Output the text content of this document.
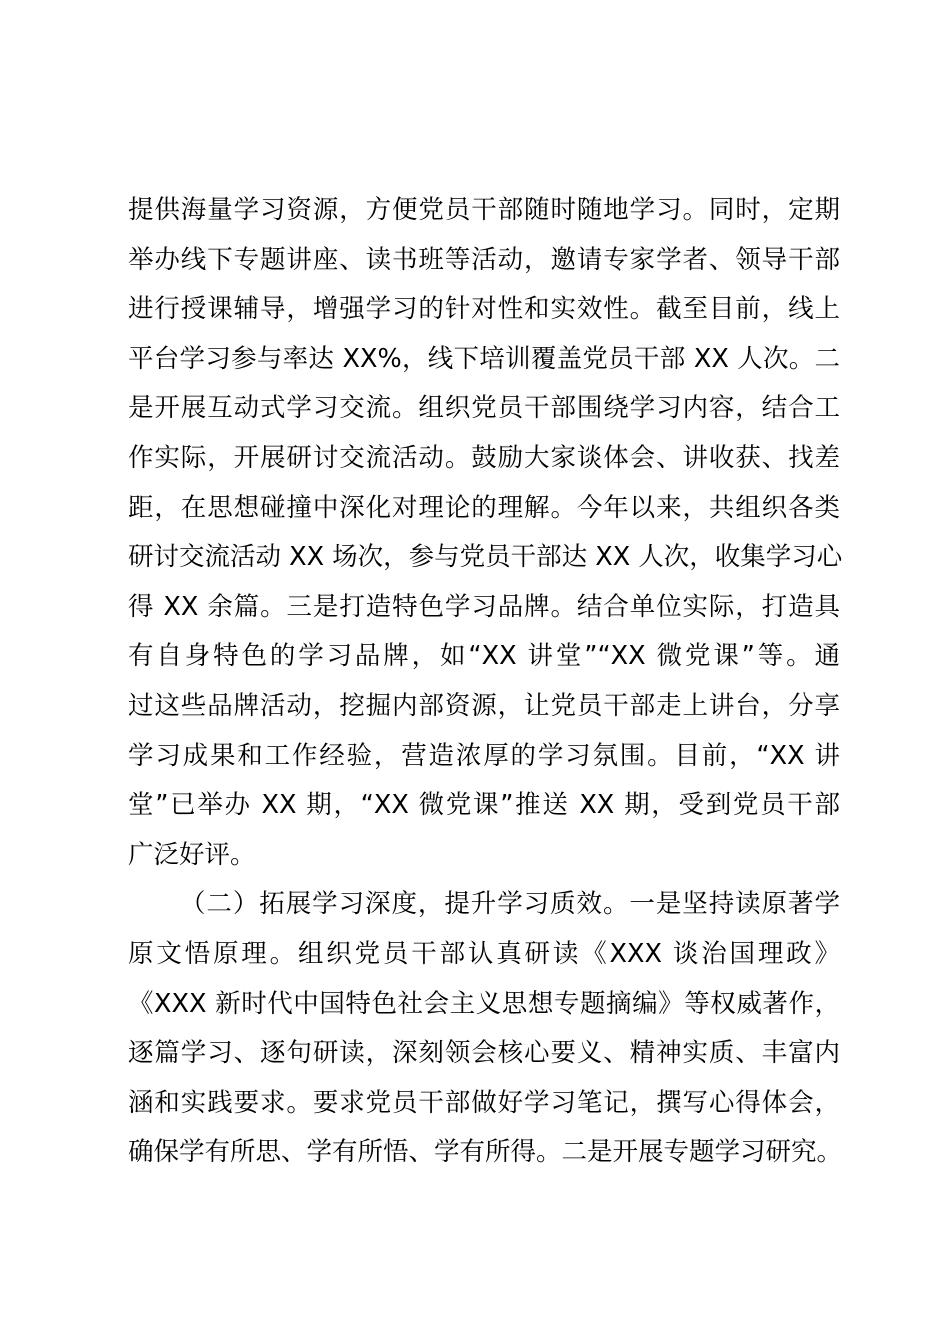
提供海量学习资源，方便党员干部随时随地学习。同时，定期
举办线下专题讲座、读书班等活动，邀请专家学者、领导干部
进行授课辅导，增强学习的针对性和实效性。截至目前，线上
平台学习参与率达 XX%，线下培训覆盖党员干部 XX 人次。二
是开展互动式学习交流。组织党员干部围绕学习内容，结合工
作实际，开展研讨交流活动。鼓励大家谈体会、讲收获、找差
距，在思想碰撞中深化对理论的理解。今年以来，共组织各类
研讨交流活动 XX 场次，参与党员干部达 XX 人次，收集学习心
得 XX 余篇。三是打造特色学习品牌。结合单位实际，打造具
有自身特色的学习品牌，如“XX 讲堂”“XX 微党课”等。通
过这些品牌活动，挖掘内部资源，让党员干部走上讲台，分享
学习成果和工作经验，营造浓厚的学习氛围。目前，“XX 讲
堂”已举办 XX 期，“XX 微党课”推送 XX 期，受到党员干部
广泛好评。
（二）拓展学习深度，提升学习质效。一是坚持读原著学
原文悟原理。组织党员干部认真研读《XXX 谈治国理政》
《XXX 新时代中国特色社会主义思想专题摘编》等权威著作，
逐篇学习、逐句研读，深刻领会核心要义、精神实质、丰富内
涵和实践要求。要求党员干部做好学习笔记，撰写心得体会，
确保学有所思、学有所悟、学有所得。二是开展专题学习研究。
